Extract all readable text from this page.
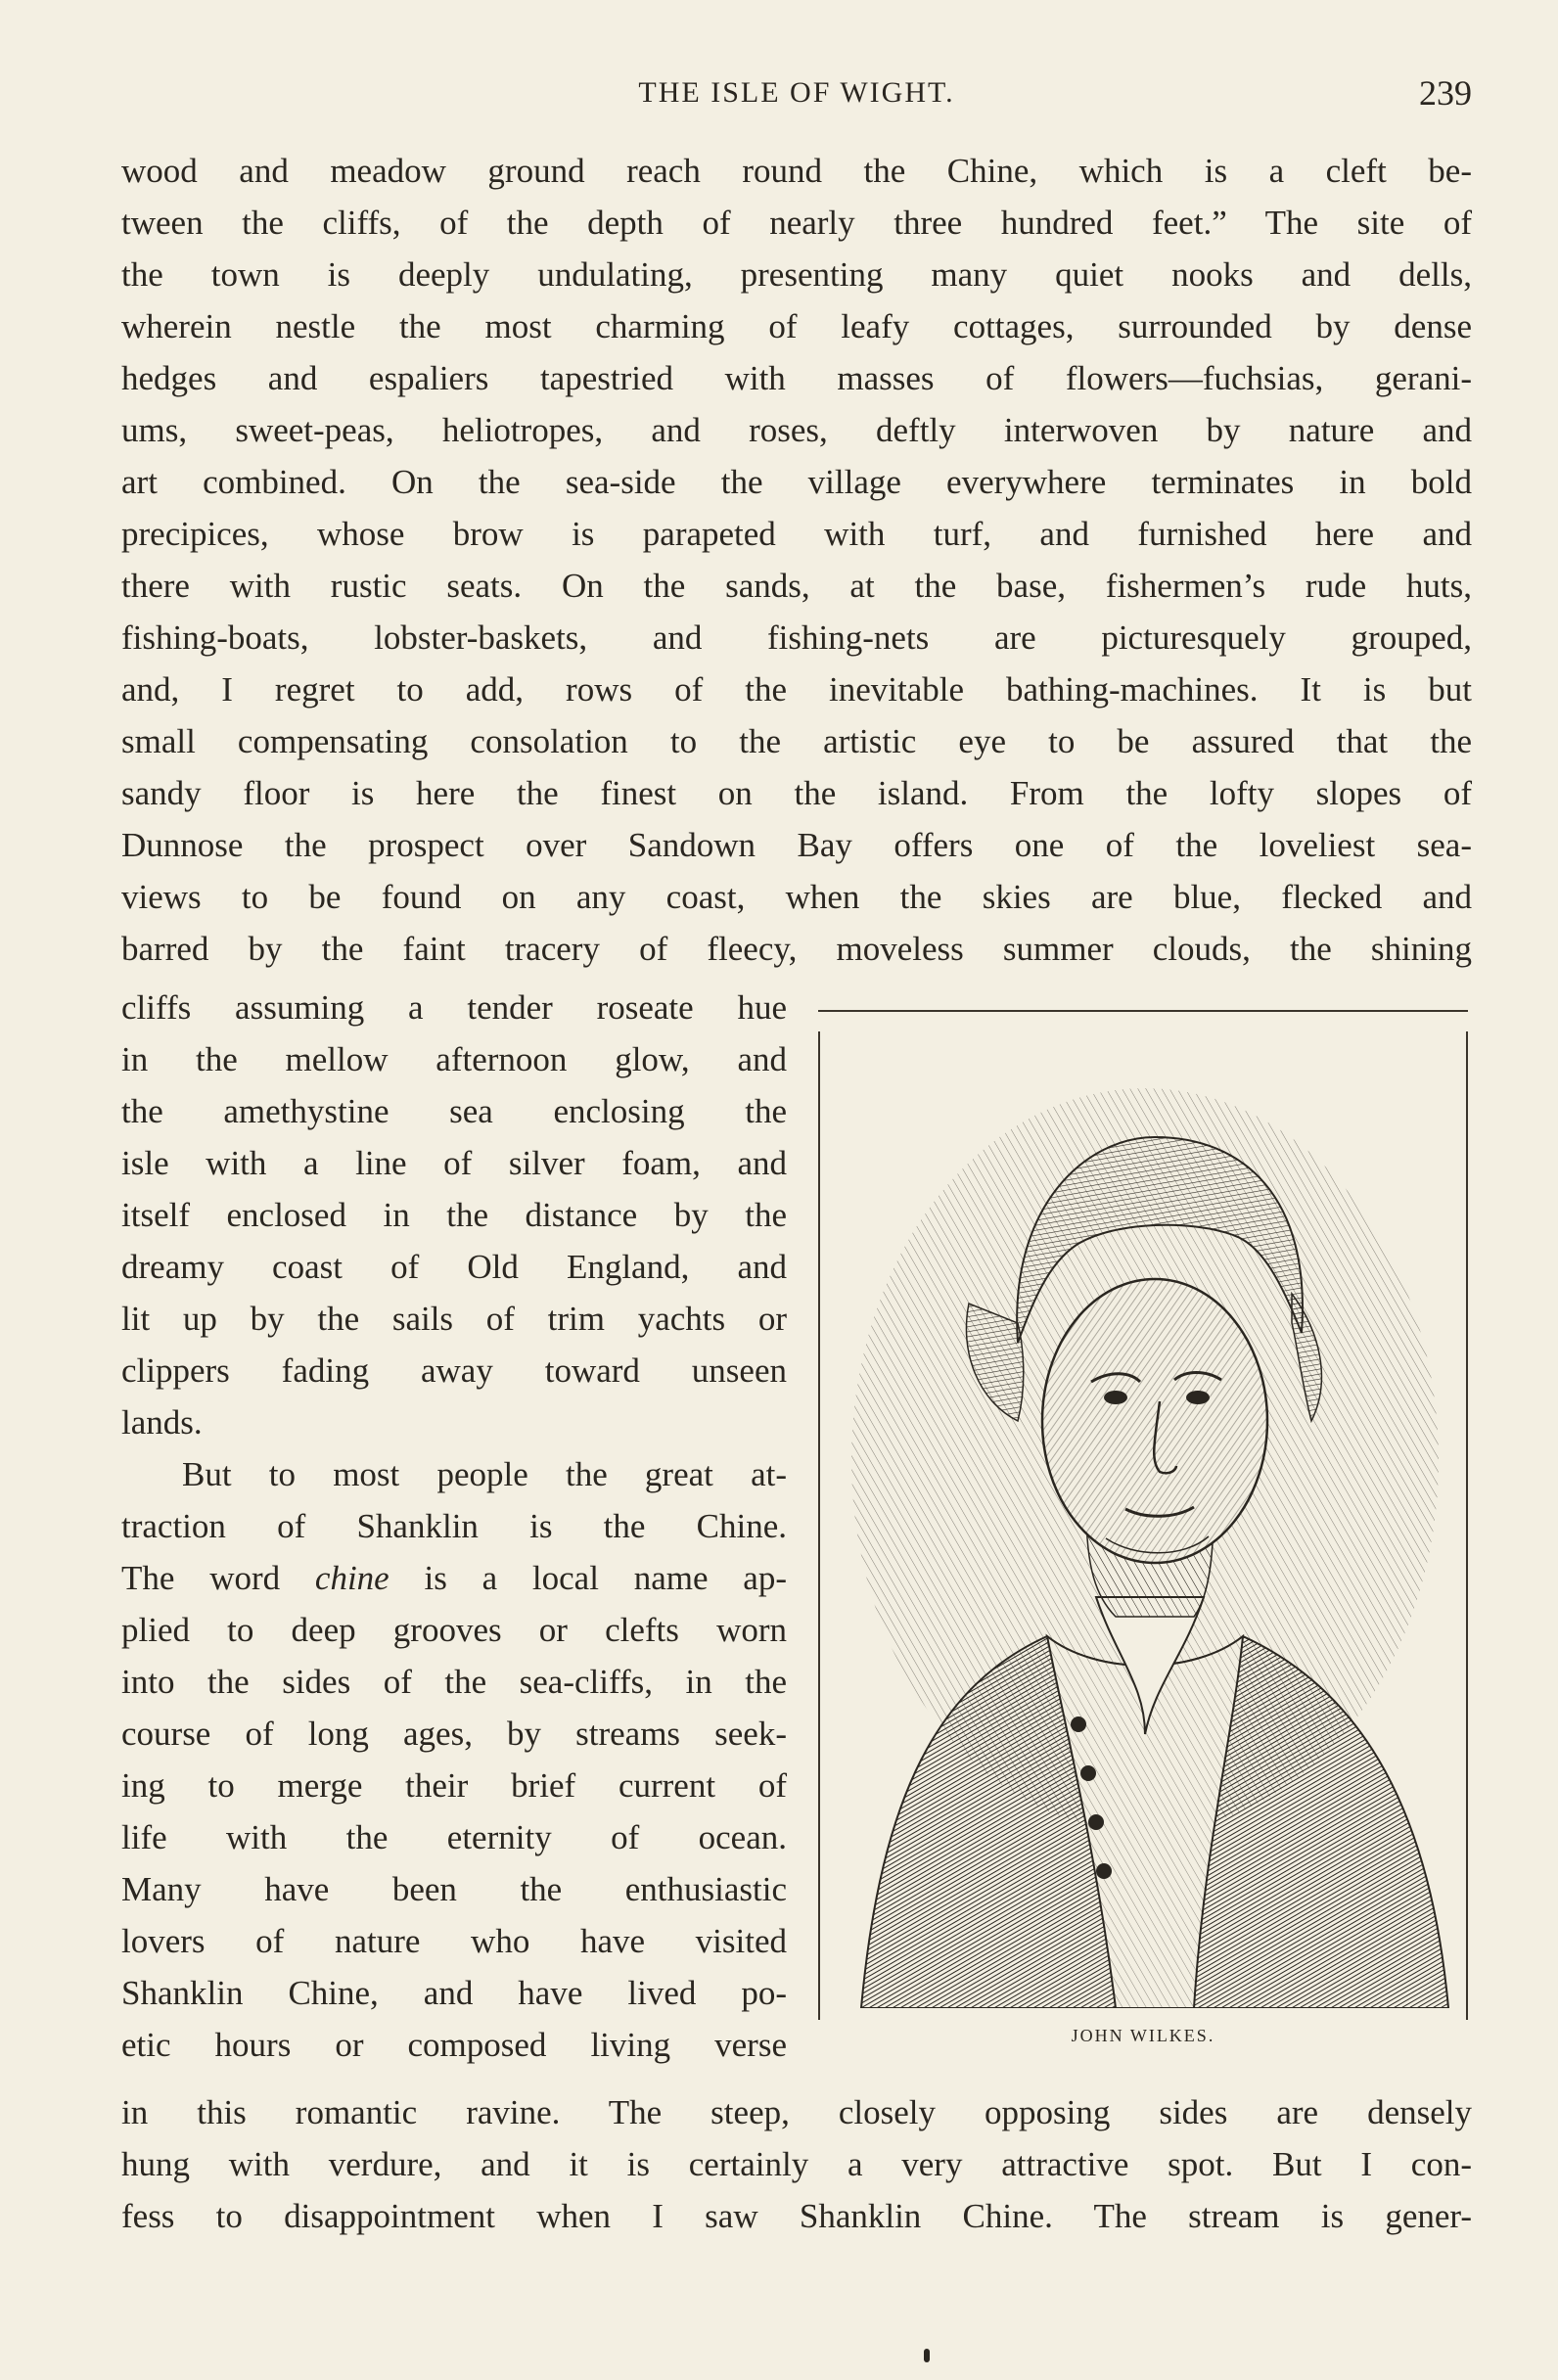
THE ISLE OF WIGHT.	239
wood and meadow ground reach round the Chine, which is a cleft be-
tween the cliffs, of the depth of nearly three hundred feet.” The site of
the town is deeply undulating, presenting many quiet nooks and dells,
wherein nestle the most charming of leafy cottages, surrounded by dense
hedges and espaliers tapestried with masses of flowers—fuchsias, gerani-
ums, sweet-peas, heliotropes, and roses, deftly interwoven by nature and
art combined. On the sea-side the village everywhere terminates in bold
precipices, whose brow is parapeted with turf, and furnished here and
there with rustic seats. On the sands, at the base, fishermen’s rude huts,
fishing-boats, lobster-baskets, and fishing-nets are picturesquely grouped,
and, I regret to add, rows of the inevitable bathing-machines. It is but
small compensating consolation to the artistic eye to be assured that the
sandy floor is here the finest on the island. From the lofty slopes of
Dunnose the prospect over Sandown Bay offers one of the loveliest sea-
views to be found on any coast, when the skies are blue, flecked and
barred by the faint tracery of fleecy, moveless summer clouds, the shining
cliffs assuming a tender roseate hue
in the mellow afternoon glow, and
the amethystine sea enclosing the
isle with a line of silver foam, and
itself enclosed in the distance by the
dreamy coast of Old England, and
lit up by the sails of trim yachts or
clippers fading away toward unseen
lands.
But to most people the great at-
traction of Shanklin is the Chine.
The word chine is a local name ap-
plied to deep grooves or clefts worn
into the sides of the sea-cliffs, in the
course of long ages, by streams seek-
ing to merge their brief current of
life with the eternity of ocean.
Many have been the enthusiastic
lovers of nature who have visited
Shanklin Chine, and have lived po-
etic hours or composed living verse
in this romantic ravine. The steep, closely opposing sides are densely
hung with verdure, and it is certainly a very attractive spot. But I con-
fess to disappointment when I saw Shanklin Chine. The stream is gener-
JOHN WILKES.
